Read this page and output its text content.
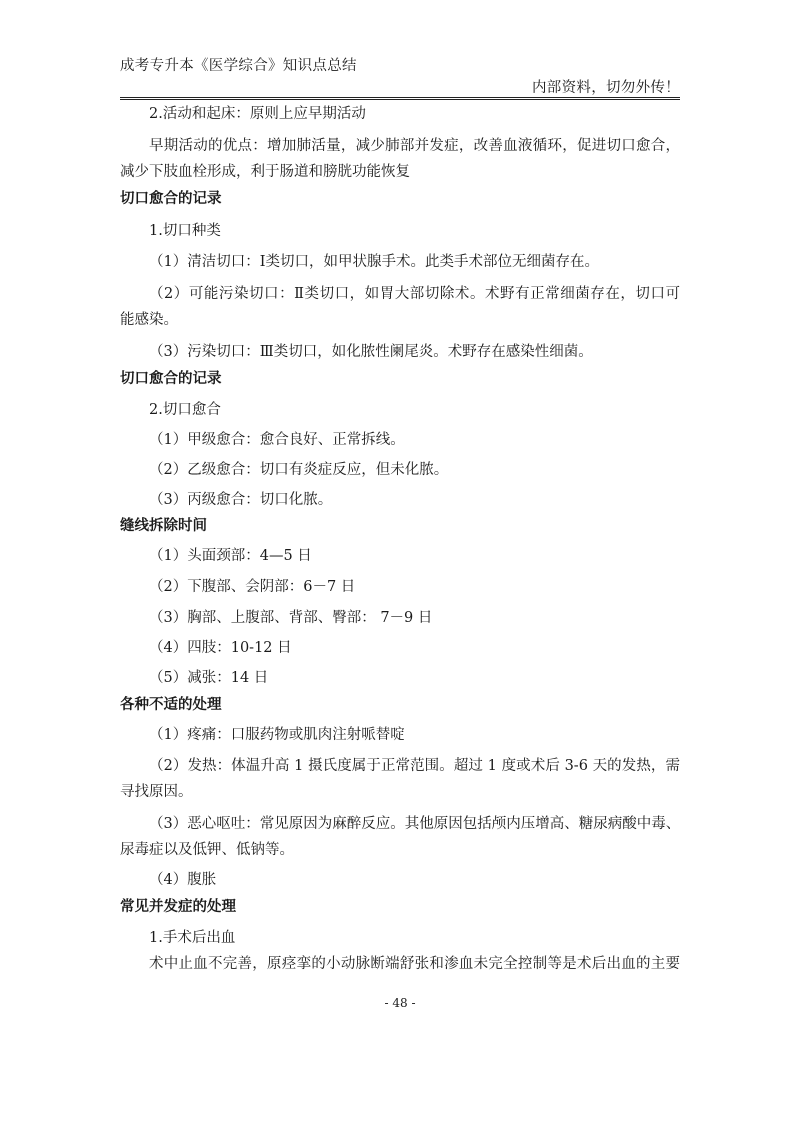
成考专升本《医学综合》知识点总结
内部资料，切勿外传！
2.活动和起床：原则上应早期活动
早期活动的优点：增加肺活量，减少肺部并发症，改善血液循环，促进切口愈合，
减少下肢血栓形成，利于肠道和膀胱功能恢复
切口愈合的记录
1.切口种类
（1）清洁切口：Ⅰ类切口，如甲状腺手术。此类手术部位无细菌存在。
（2）可能污染切口：Ⅱ类切口，如胃大部切除术。术野有正常细菌存在，切口可
能感染。
（3）污染切口：Ⅲ类切口，如化脓性阑尾炎。术野存在感染性细菌。
切口愈合的记录
2.切口愈合
（1）甲级愈合：愈合良好、正常拆线。
（2）乙级愈合：切口有炎症反应，但未化脓。
（3）丙级愈合：切口化脓。
缝线拆除时间
（1）头面颈部：4—5 日
（2）下腹部、会阴部：6－7 日
（3）胸部、上腹部、背部、臀部： 7－9 日
（4）四肢：10-12 日
（5）减张：14 日
各种不适的处理
（1）疼痛：口服药物或肌肉注射哌替啶
（2）发热：体温升高 1 摄氏度属于正常范围。超过 1 度或术后 3-6 天的发热，需
寻找原因。
（3）恶心呕吐：常见原因为麻醉反应。其他原因包括颅内压增高、糖尿病酸中毒、
尿毒症以及低钾、低钠等。
（4）腹胀
常见并发症的处理
1.手术后出血
术中止血不完善，原痉挛的小动脉断端舒张和渗血未完全控制等是术后出血的主要
- 48 -
